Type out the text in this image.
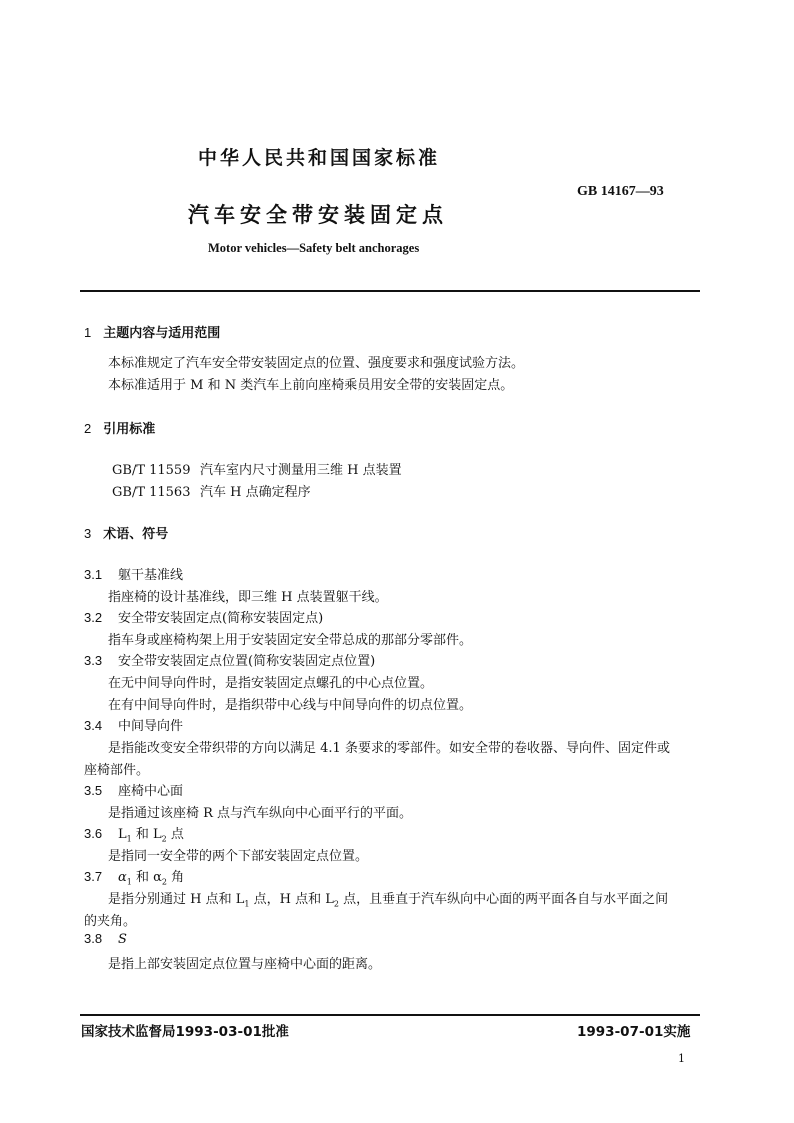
中华人民共和国国家标准
GB 14167—93
汽车安全带安装固定点
Motor vehicles—Safety belt anchorages
1 主题内容与适用范围
本标准规定了汽车安全带安装固定点的位置、强度要求和强度试验方法。
本标准适用于 M 和 N 类汽车上前向座椅乘员用安全带的安装固定点。
2 引用标准
GB/T 11559 汽车室内尺寸测量用三维 H 点装置
GB/T 11563 汽车 H 点确定程序
3 术语、符号
3.1 躯干基准线
指座椅的设计基准线，即三维 H 点装置躯干线。
3.2 安全带安装固定点(简称安装固定点)
指车身或座椅构架上用于安装固定安全带总成的那部分零部件。
3.3 安全带安装固定点位置(简称安装固定点位置)
在无中间导向件时，是指安装固定点螺孔的中心点位置。
在有中间导向件时，是指织带中心线与中间导向件的切点位置。
3.4 中间导向件
是指能改变安全带织带的方向以满足 4.1 条要求的零部件。如安全带的卷收器、导向件、固定件或
座椅部件。
3.5 座椅中心面
是指通过该座椅 R 点与汽车纵向中心面平行的平面。
3.6 $L_1$ 和 $L_2$ 点
是指同一安全带的两个下部安装固定点位置。
3.7 $\alpha_1$ 和 $\alpha_2$ 角
是指分别通过 H 点和 $L_1$ 点，H 点和 $L_2$ 点，且垂直于汽车纵向中心面的两平面各自与水平面之间
的夹角。
3.8 S
是指上部安装固定点位置与座椅中心面的距离。
国家技术监督局1993-03-01批准	1993-07-01实施
1
